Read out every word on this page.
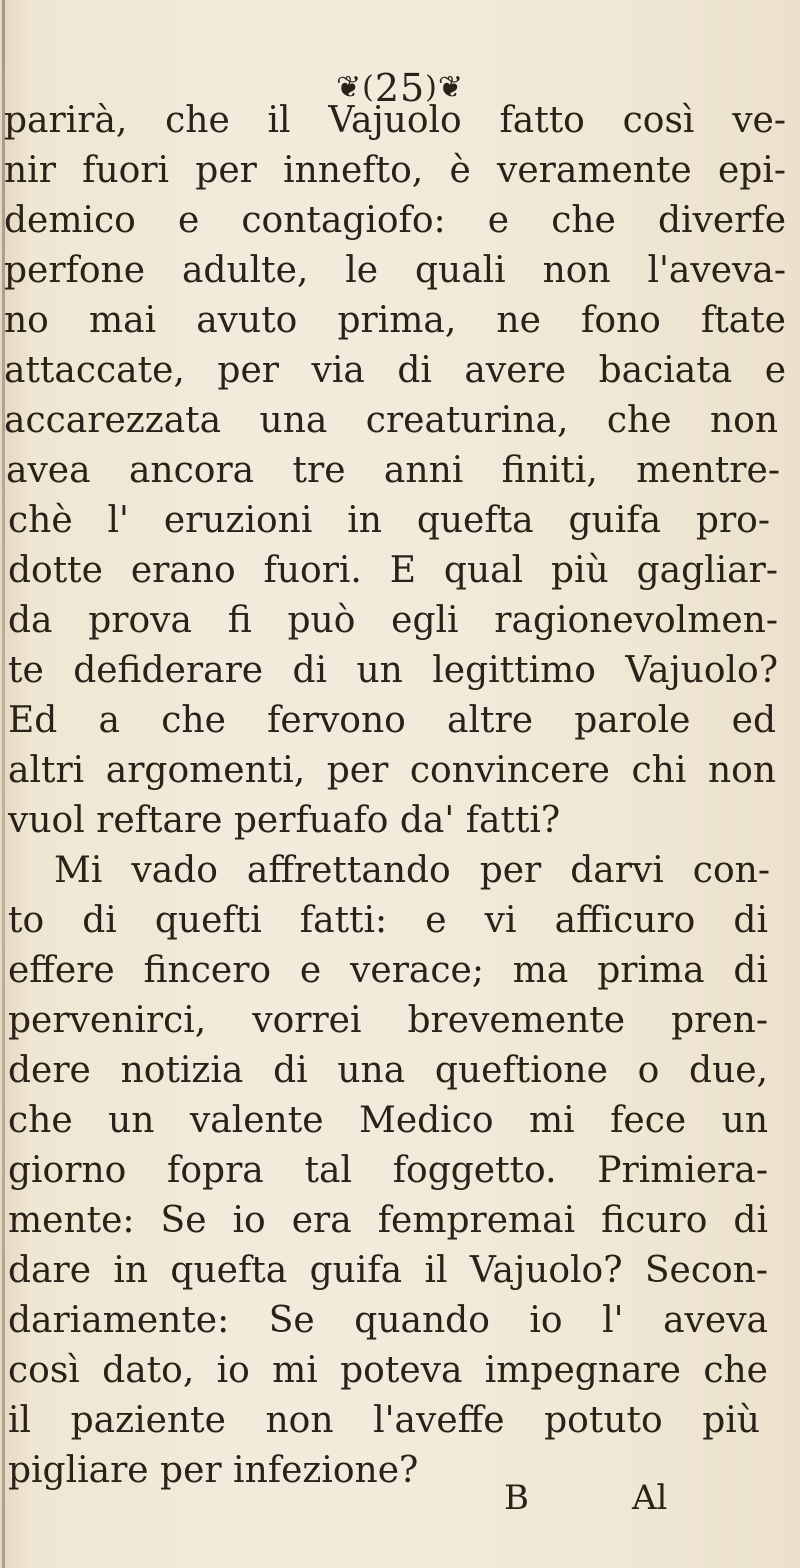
❦(25)❦
parirà, che il Vajuolo fatto così ve-
nir fuori per innefto, è veramente epi-
demico e contagiofo: e che diverfe
perfone adulte, le quali non l'aveva-
no mai avuto prima, ne fono ftate
attaccate, per via di avere baciata e
accarezzata una creaturina, che non
avea ancora tre anni finiti, mentre-
chè l' eruzioni in quefta guifa pro-
dotte erano fuori. E qual più gagliar-
da prova fi può egli ragionevolmen-
te defiderare di un legittimo Vajuolo?
Ed a che fervono altre parole ed
altri argomenti, per convincere chi non
vuol reftare perfuafo da' fatti?
Mi vado affrettando per darvi con-
to di quefti fatti: e vi afficuro di
effere fincero e verace; ma prima di
pervenirci, vorrei brevemente pren-
dere notizia di una queftione o due,
che un valente Medico mi fece un
giorno fopra tal foggetto. Primiera-
mente: Se io era fempremai ficuro di
dare in quefta guifa il Vajuolo? Secon-
dariamente: Se quando io l' aveva
così dato, io mi poteva impegnare che
il paziente non l'aveffe potuto più
pigliare per infezione?
B	Al
